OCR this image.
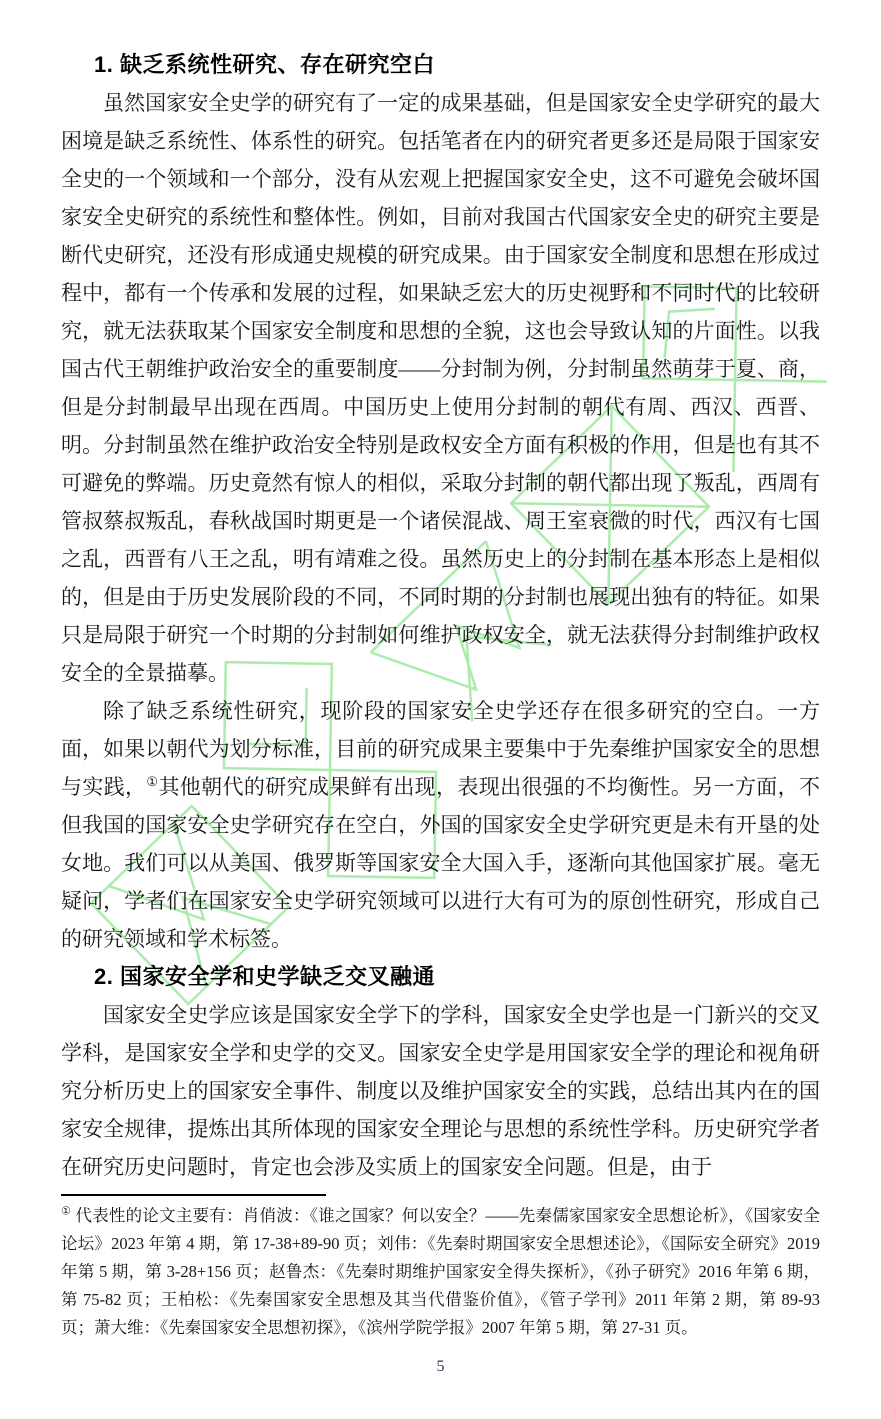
1. 缺乏系统性研究、存在研究空白

虽然国家安全史学的研究有了一定的成果基础，但是国家安全史学研究的最大困境是缺乏系统性、体系性的研究。包括笔者在内的研究者更多还是局限于国家安全史的一个领域和一个部分，没有从宏观上把握国家安全史，这不可避免会破坏国家安全史研究的系统性和整体性。例如，目前对我国古代国家安全史的研究主要是断代史研究，还没有形成通史规模的研究成果。由于国家安全制度和思想在形成过程中，都有一个传承和发展的过程，如果缺乏宏大的历史视野和不同时代的比较研究，就无法获取某个国家安全制度和思想的全貌，这也会导致认知的片面性。以我国古代王朝维护政治安全的重要制度——分封制为例，分封制虽然萌芽于夏、商，但是分封制最早出现在西周。中国历史上使用分封制的朝代有周、西汉、西晋、明。分封制虽然在维护政治安全特别是政权安全方面有积极的作用，但是也有其不可避免的弊端。历史竟然有惊人的相似，采取分封制的朝代都出现了叛乱，西周有管叔蔡叔叛乱，春秋战国时期更是一个诸侯混战、周王室衰微的时代，西汉有七国之乱，西晋有八王之乱，明有靖难之役。虽然历史上的分封制在基本形态上是相似的，但是由于历史发展阶段的不同，不同时期的分封制也展现出独有的特征。如果只是局限于研究一个时期的分封制如何维护政权安全，就无法获得分封制维护政权安全的全景描摹。

除了缺乏系统性研究，现阶段的国家安全史学还存在很多研究的空白。一方面，如果以朝代为划分标准，目前的研究成果主要集中于先秦维护国家安全的思想与实践，①其他朝代的研究成果鲜有出现，表现出很强的不均衡性。另一方面，不但我国的国家安全史学研究存在空白，外国的国家安全史学研究更是未有开垦的处女地。我们可以从美国、俄罗斯等国家安全大国入手，逐渐向其他国家扩展。毫无疑问，学者们在国家安全史学研究领域可以进行大有可为的原创性研究，形成自己的研究领域和学术标签。

2. 国家安全学和史学缺乏交叉融通

国家安全史学应该是国家安全学下的学科，国家安全史学也是一门新兴的交叉学科，是国家安全学和史学的交叉。国家安全史学是用国家安全学的理论和视角研究分析历史上的国家安全事件、制度以及维护国家安全的实践，总结出其内在的国家安全规律，提炼出其所体现的国家安全理论与思想的系统性学科。历史研究学者在研究历史问题时，肯定也会涉及实质上的国家安全问题。但是，由于

① 代表性的论文主要有：肖俏波：《谁之国家？何以安全？——先秦儒家国家安全思想论析》，《国家安全论坛》2023 年第 4 期，第 17-38+89-90 页；刘伟：《先秦时期国家安全思想述论》，《国际安全研究》2019 年第 5 期，第 3-28+156 页；赵鲁杰：《先秦时期维护国家安全得失探析》，《孙子研究》2016 年第 6 期，第 75-82 页；王柏松：《先秦国家安全思想及其当代借鉴价值》，《管子学刊》2011 年第 2 期，第 89-93 页；萧大维：《先秦国家安全思想初探》，《滨州学院学报》2007 年第 5 期，第 27-31 页。

5
